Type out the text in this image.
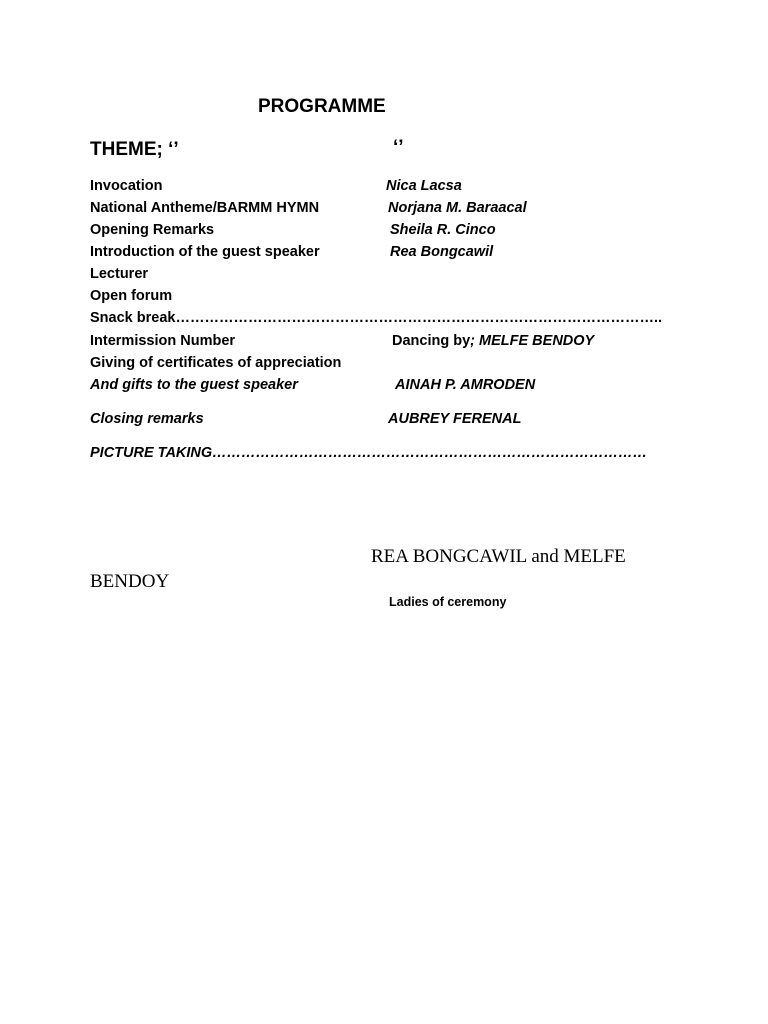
PROGRAMME
THEME; ‘’	‘’
Invocation	Nica Lacsa
National Antheme/BARMM HYMN	Norjana M. Baraacal
Opening Remarks	Sheila R. Cinco
Introduction of the guest speaker	Rea Bongcawil
Lecturer
Open forum
Snack break………………………………………………………………………………………..
Intermission Number	Dancing by; MELFE BENDOY
Giving of certificates of appreciation
And gifts to the guest speaker	AINAH P. AMRODEN
Closing remarks	AUBREY FERENAL
PICTURE TAKING………………………………………………………………………………
REA BONGCAWIL and MELFE
BENDOY
Ladies of ceremony
